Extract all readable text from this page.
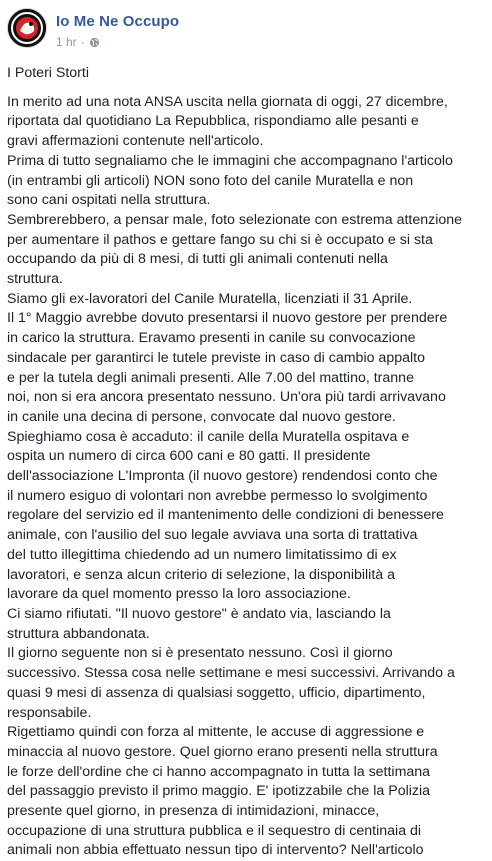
Io Me Ne Occupo
1 hr ·

I Poteri Storti

In merito ad una nota ANSA uscita nella giornata di oggi, 27 dicembre,

riportata dal quotidiano La Repubblica, rispondiamo alle pesanti e

gravi affermazioni contenute nell'articolo.

Prima di tutto segnaliamo che le immagini che accompagnano l'articolo

(in entrambi gli articoli) NON sono foto del canile Muratella e non

sono cani ospitati nella struttura.

Sembrerebbero, a pensar male, foto selezionate con estrema attenzione

per aumentare il pathos e gettare fango su chi si è occupato e si sta

occupando da più di 8 mesi, di tutti gli animali contenuti nella

struttura.

Siamo gli ex-lavoratori del Canile Muratella, licenziati il 31 Aprile.

Il 1° Maggio avrebbe dovuto presentarsi il nuovo gestore per prendere

in carico la struttura. Eravamo presenti in canile su convocazione

sindacale per garantirci le tutele previste in caso di cambio appalto

e per la tutela degli animali presenti. Alle 7.00 del mattino, tranne

noi, non si era ancora presentato nessuno. Un'ora più tardi arrivavano

in canile una decina di persone, convocate dal nuovo gestore.

Spieghiamo cosa è accaduto: il canile della Muratella ospitava e

ospita un numero di circa 600 cani e 80 gatti. Il presidente

dell'associazione L'Impronta (il nuovo gestore) rendendosi conto che

il numero esiguo di volontari non avrebbe permesso lo svolgimento

regolare del servizio ed il mantenimento delle condizioni di benessere

animale, con l'ausilio del suo legale avviava una sorta di trattativa

del tutto illegittima chiedendo ad un numero limitatissimo di ex

lavoratori, e senza alcun criterio di selezione, la disponibilità a

lavorare da quel momento presso la loro associazione.

Ci siamo rifiutati. "Il nuovo gestore" è andato via, lasciando la

struttura abbandonata.

Il giorno seguente non si è presentato nessuno. Così il giorno

successivo. Stessa cosa nelle settimane e mesi successivi. Arrivando a

quasi 9 mesi di assenza di qualsiasi soggetto, ufficio, dipartimento,

responsabile.

Rigettiamo quindi con forza al mittente, le accuse di aggressione e

minaccia al nuovo gestore. Quel giorno erano presenti nella struttura

le forze dell'ordine che ci hanno accompagnato in tutta la settimana

del passaggio previsto il primo maggio. E' ipotizzabile che la Polizia

presente quel giorno, in presenza di intimidazioni, minacce,

occupazione di una struttura pubblica e il sequestro di centinaia di

animali non abbia effettuato nessun tipo di intervento? Nell'articolo
